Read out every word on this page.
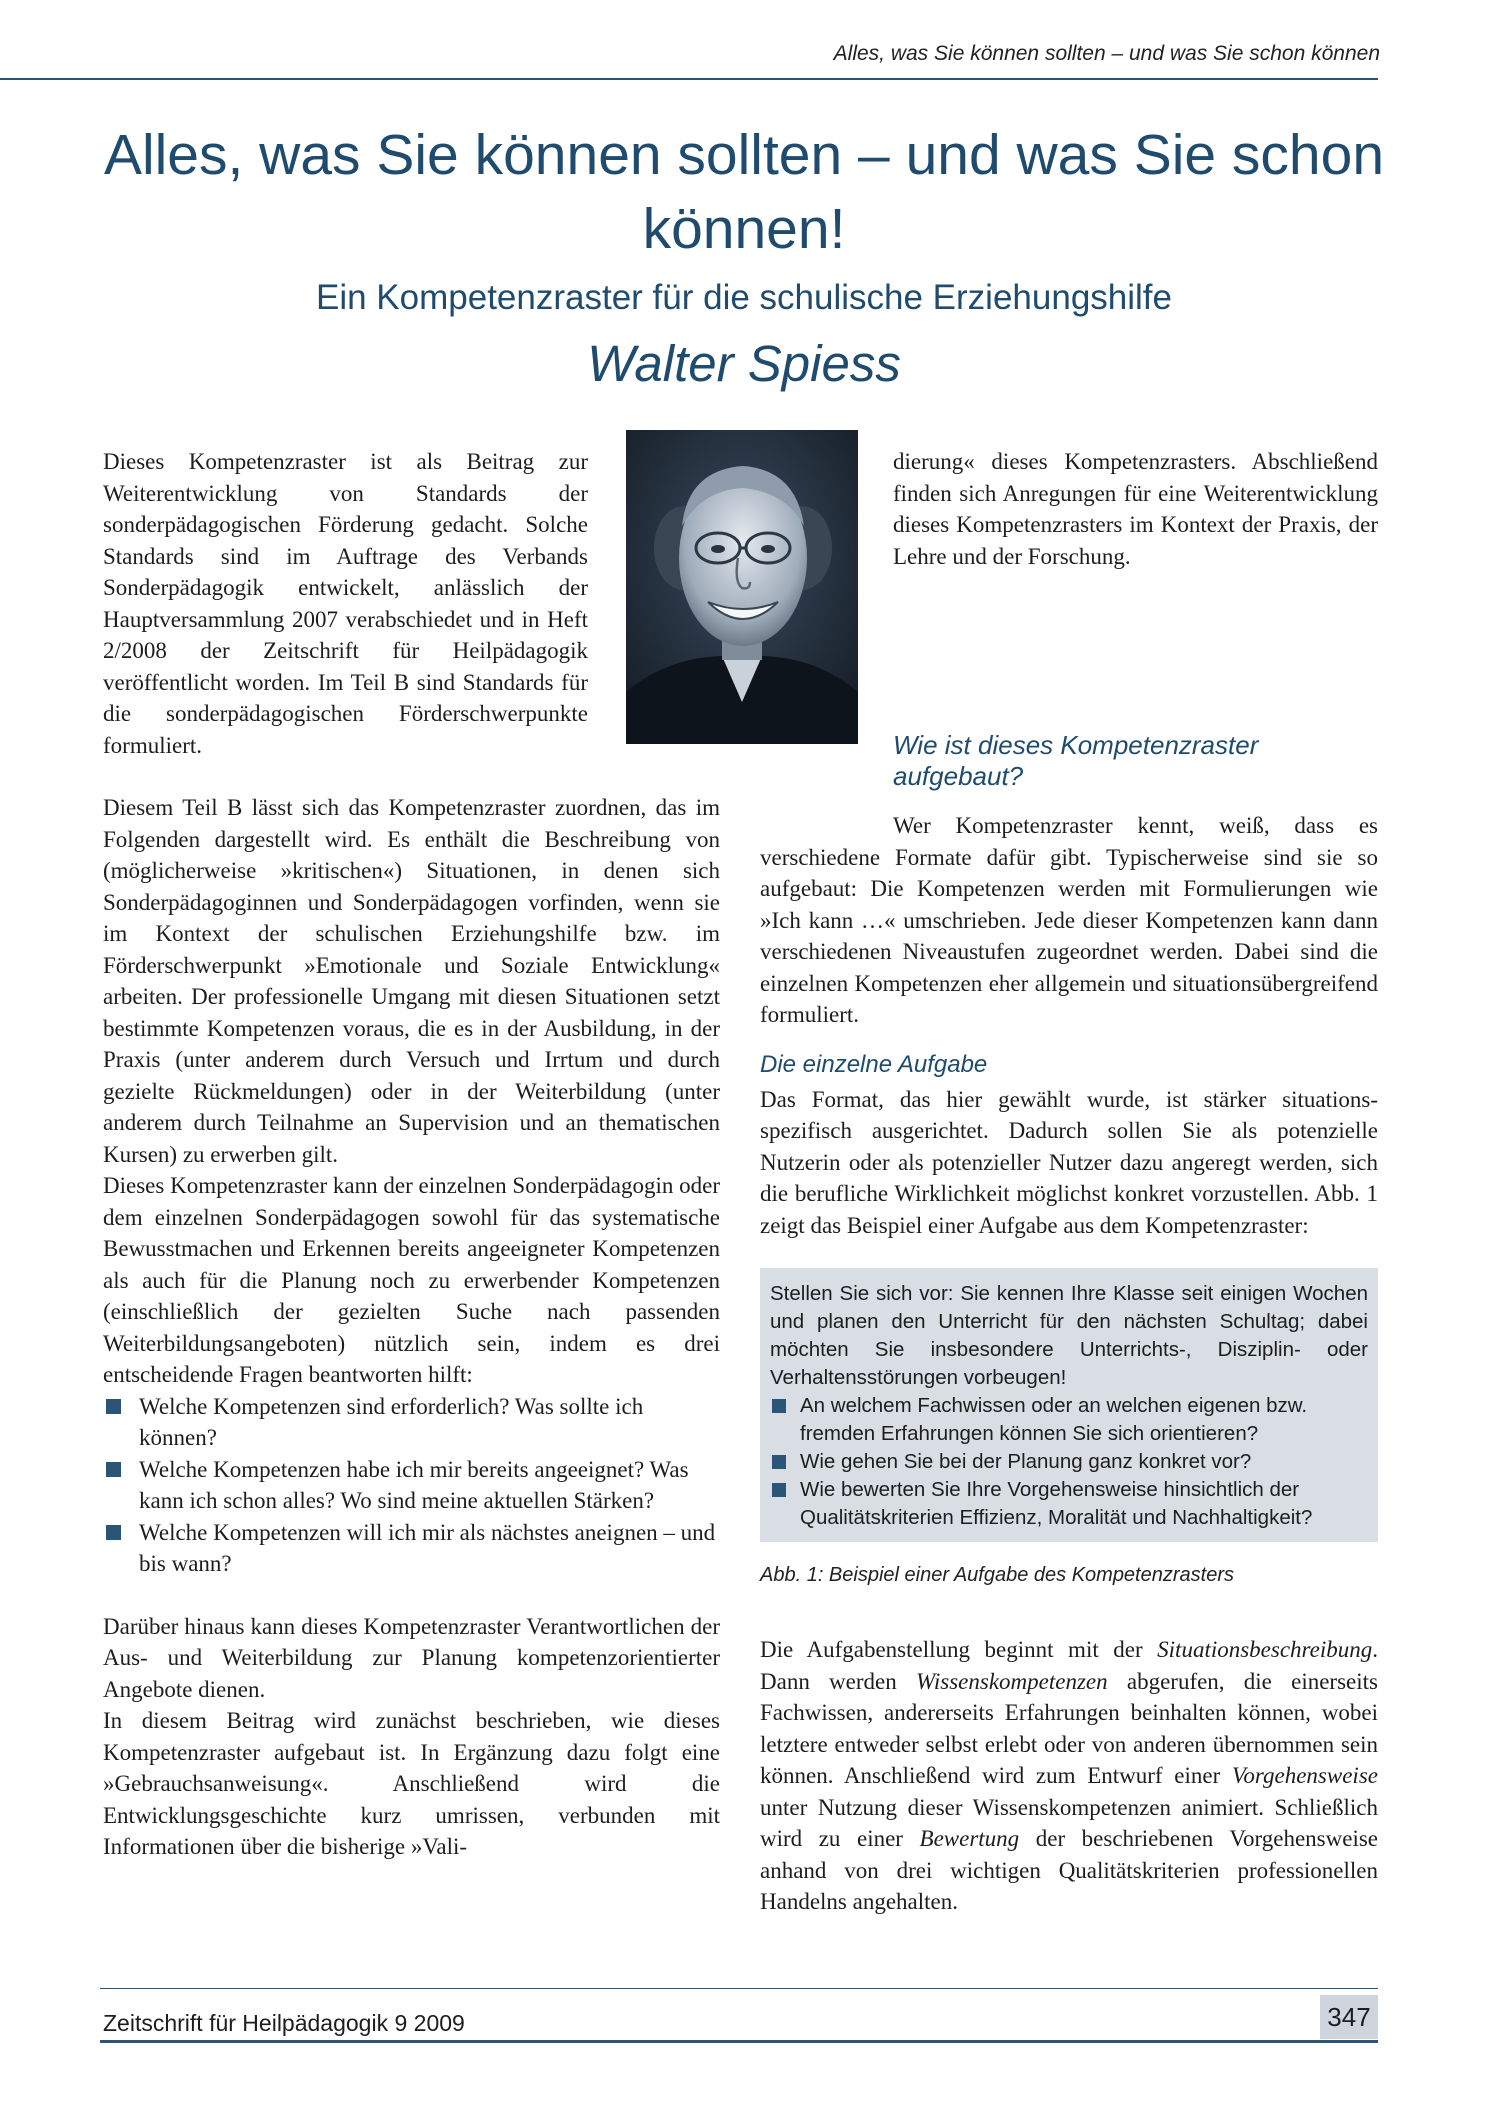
Alles, was Sie können sollten – und was Sie schon können
Alles, was Sie können sollten – und was Sie schon können!
Ein Kompetenzraster für die schulische Erziehungshilfe
Walter Spiess

Dieses Kompetenzraster ist als Beitrag zur Weiterentwicklung von Standards der sonderpädagogischen Förderung gedacht. Solche Standards sind im Auftrage des Verbands Sonderpädagogik entwickelt, anlässlich der Hauptversammlung 2007 verabschiedet und in Heft 2/2008 der Zeitschrift für Heilpädagogik veröffentlicht worden. Im Teil B sind Standards für die sonderpädagogischen Förderschwerpunkte formuliert.

Diesem Teil B lässt sich das Kompetenzraster zuordnen, das im Folgenden dargestellt wird. Es enthält die Beschreibung von (möglicherweise »kritischen«) Situationen, in denen sich Sonderpädagoginnen und Sonderpädagogen vorfinden, wenn sie im Kontext der schulischen Erziehungshilfe bzw. im Förderschwerpunkt »Emotionale und Soziale Entwicklung« arbeiten. Der professionelle Umgang mit diesen Situationen setzt bestimmte Kompetenzen voraus, die es in der Ausbildung, in der Praxis (unter anderem durch Versuch und Irrtum und durch gezielte Rückmeldungen) oder in der Weiterbildung (unter anderem durch Teilnahme an Supervision und an thematischen Kursen) zu erwerben gilt.

Dieses Kompetenzraster kann der einzelnen Sonderpädagogin oder dem einzelnen Sonderpädagogen sowohl für das systematische Bewusstmachen und Erkennen bereits angeeigneter Kompetenzen als auch für die Planung noch zu erwerbender Kompetenzen (einschließlich der gezielten Suche nach passenden Weiterbildungsangeboten) nützlich sein, indem es drei entscheidende Fragen beantworten hilft:

Welche Kompetenzen sind erforderlich? Was sollte ich können?
Welche Kompetenzen habe ich mir bereits angeeignet? Was kann ich schon alles? Wo sind meine aktuellen Stärken?
Welche Kompetenzen will ich mir als nächstes aneignen – und bis wann?

Darüber hinaus kann dieses Kompetenzraster Verantwortlichen der Aus- und Weiterbildung zur Planung kompetenzorientierter Angebote dienen.

In diesem Beitrag wird zunächst beschrieben, wie dieses Kompetenzraster aufgebaut ist. In Ergänzung dazu folgt eine »Gebrauchsanweisung«. Anschließend wird die Entwicklungsgeschichte kurz umrissen, verbunden mit Informationen über die bisherige »Vali-

dierung« dieses Kompetenzrasters. Abschließend finden sich Anregungen für eine Weiterentwicklung dieses Kompetenzrasters im Kontext der Praxis, der Lehre und der Forschung.

Wie ist dieses Kompetenzraster aufgebaut?

Wer Kompetenzraster kennt, weiß, dass es verschiedene Formate dafür gibt. Typischerweise sind sie so aufgebaut: Die Kompetenzen werden mit Formulierungen wie »Ich kann …« umschrieben. Jede dieser Kompetenzen kann dann verschiedenen Niveaustufen zugeordnet werden. Dabei sind die einzelnen Kompetenzen eher allgemein und situationsübergreifend formuliert.

Die einzelne Aufgabe

Das Format, das hier gewählt wurde, ist stärker situations-spezifisch ausgerichtet. Dadurch sollen Sie als potenzielle Nutzerin oder als potenzieller Nutzer dazu angeregt werden, sich die berufliche Wirklichkeit möglichst konkret vorzustellen. Abb. 1 zeigt das Beispiel einer Aufgabe aus dem Kompetenzraster:

Stellen Sie sich vor: Sie kennen Ihre Klasse seit einigen Wochen und planen den Unterricht für den nächsten Schultag; dabei möchten Sie insbesondere Unterrichts-, Disziplin- oder Verhaltensstörungen vorbeugen!

An welchem Fachwissen oder an welchen eigenen bzw. fremden Erfahrungen können Sie sich orientieren?
Wie gehen Sie bei der Planung ganz konkret vor?
Wie bewerten Sie Ihre Vorgehensweise hinsichtlich der Qualitätskriterien Effizienz, Moralität und Nachhaltigkeit?
Abb. 1: Beispiel einer Aufgabe des Kompetenzrasters

Die Aufgabenstellung beginnt mit der Situationsbeschreibung. Dann werden Wissenskompetenzen abgerufen, die einerseits Fachwissen, andererseits Erfahrungen beinhalten können, wobei letztere entweder selbst erlebt oder von anderen übernommen sein können. Anschließend wird zum Entwurf einer Vorgehensweise unter Nutzung dieser Wissenskompetenzen animiert. Schließlich wird zu einer Bewertung der beschriebenen Vorgehensweise anhand von drei wichtigen Qualitätskriterien professionellen Handelns angehalten.

Zeitschrift für Heilpädagogik 9 2009	347
